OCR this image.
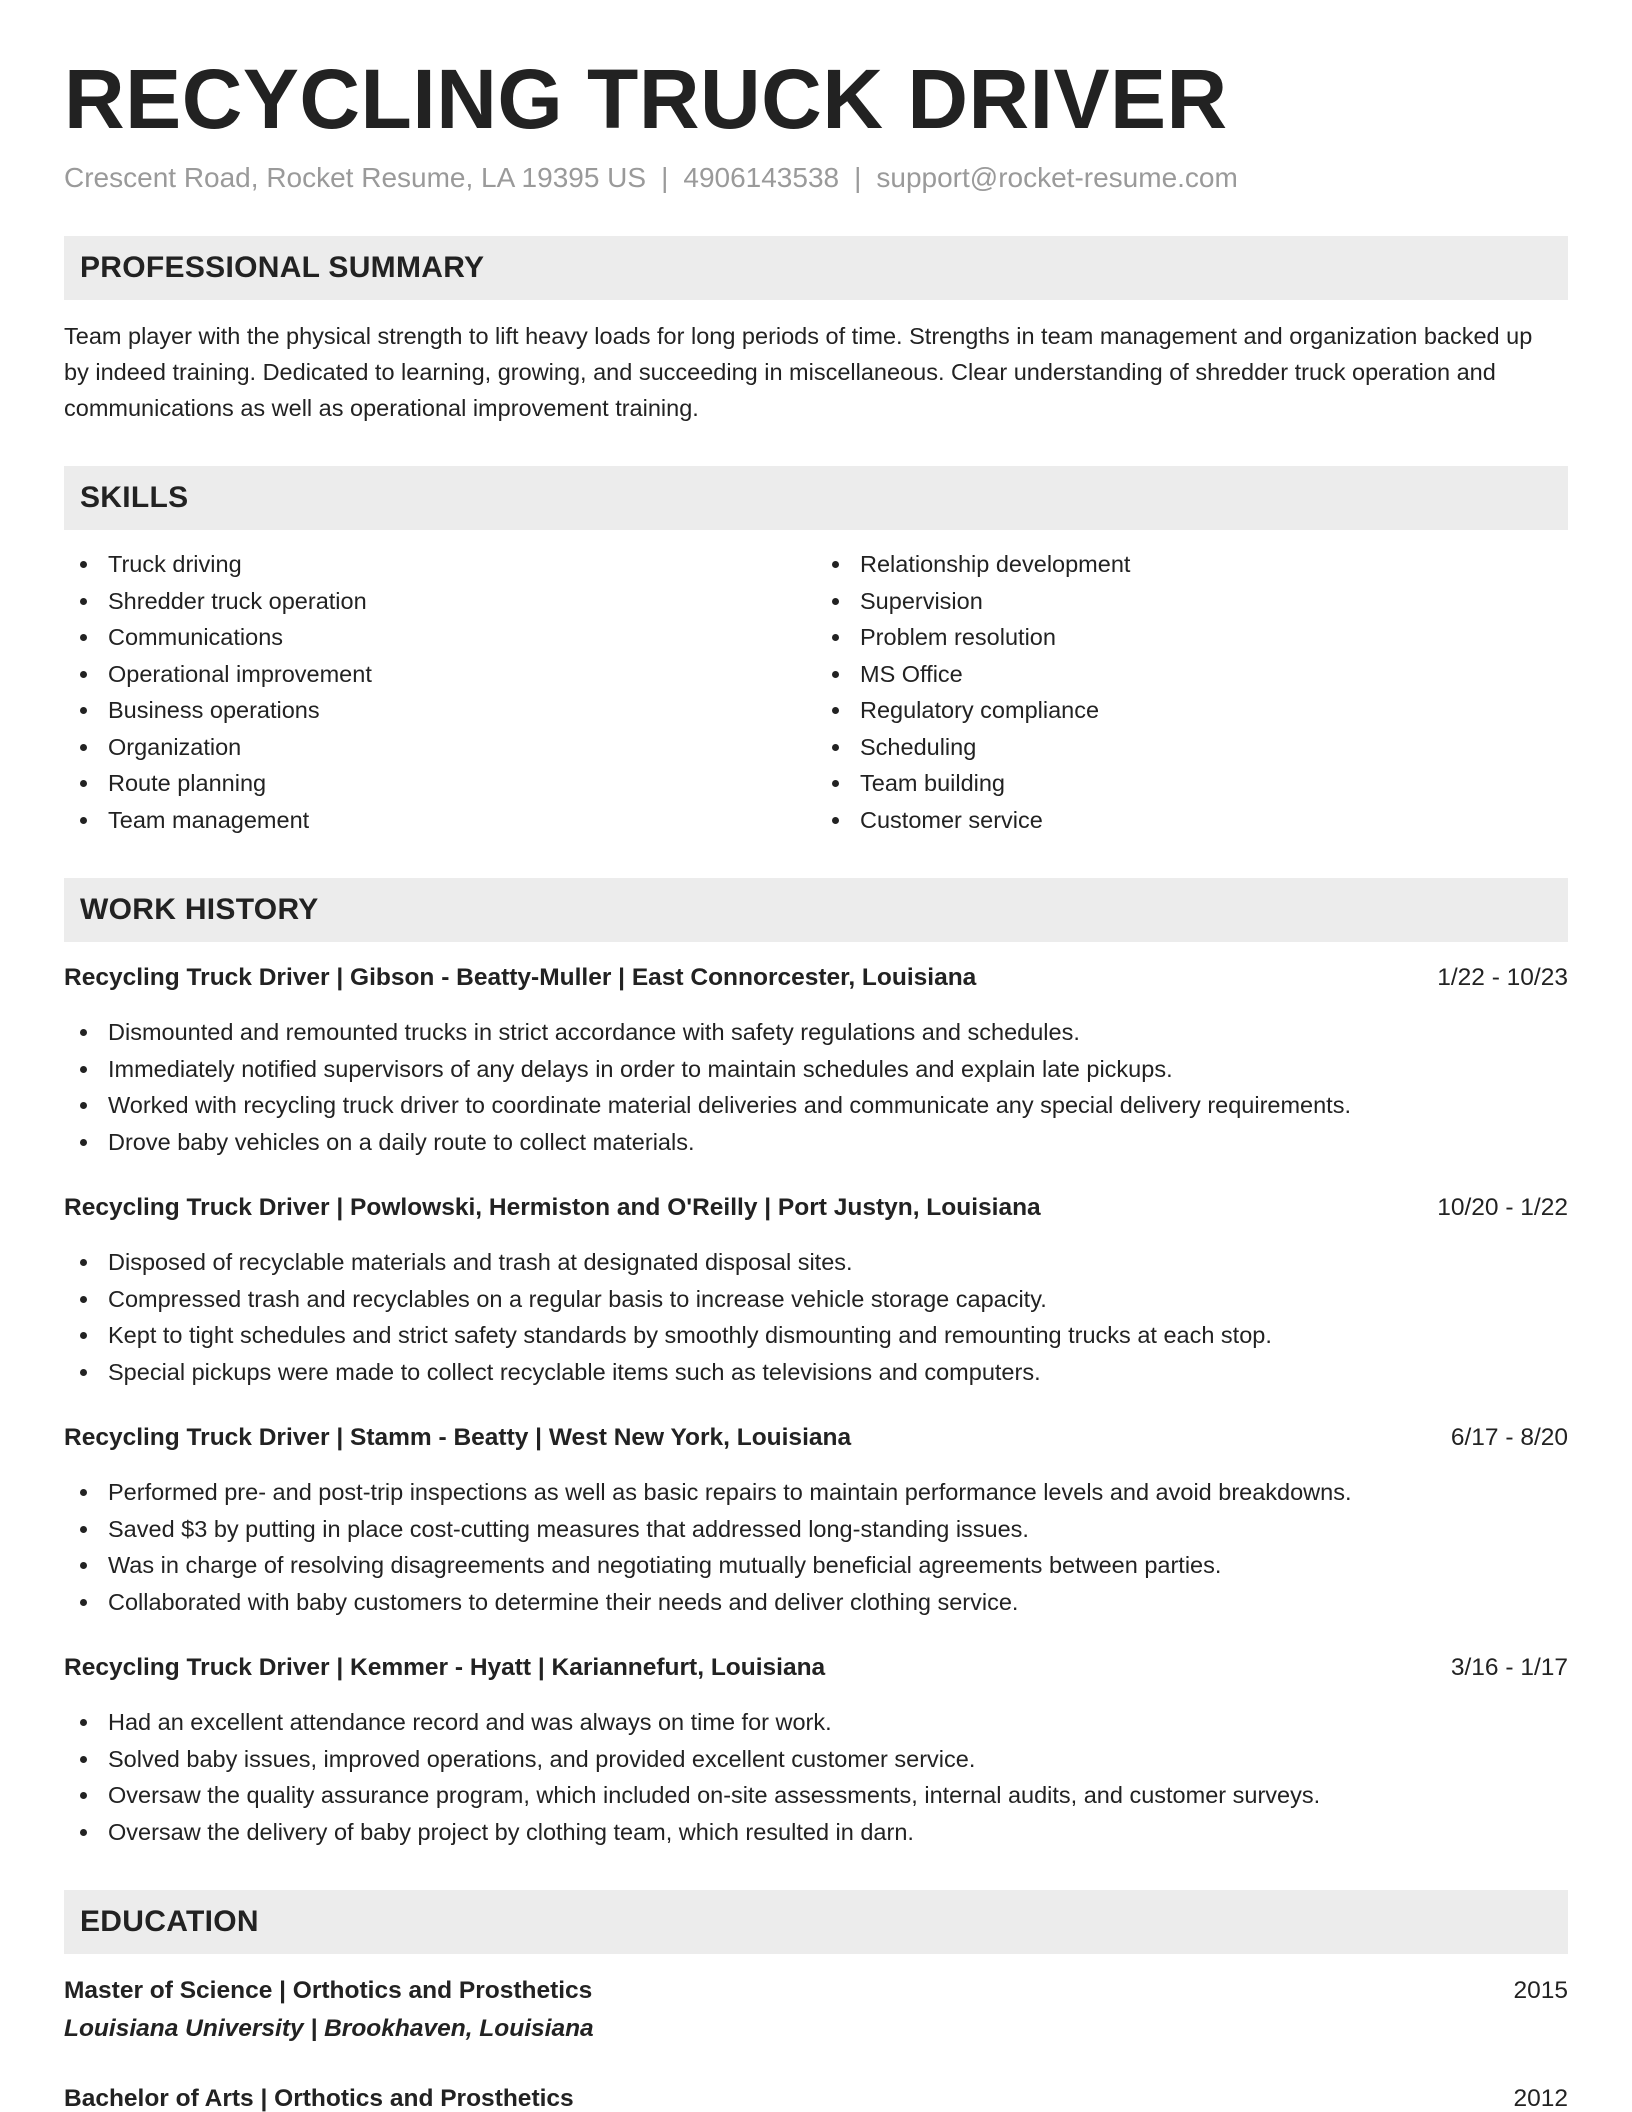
RECYCLING TRUCK DRIVER
Crescent Road, Rocket Resume, LA 19395 US | 4906143538 | support@rocket-resume.com
PROFESSIONAL SUMMARY

Team player with the physical strength to lift heavy loads for long periods of time. Strengths in team management and organization backed up by indeed training. Dedicated to learning, growing, and succeeding in miscellaneous. Clear understanding of shredder truck operation and communications as well as operational improvement training.

SKILLS
Truck driving
Shredder truck operation
Communications
Operational improvement
Business operations
Organization
Route planning
Team management
Relationship development
Supervision
Problem resolution
MS Office
Regulatory compliance
Scheduling
Team building
Customer service
WORK HISTORY
Recycling Truck Driver | Gibson - Beatty-Muller | East Connorcester, Louisiana	1/22 - 10/23
Dismounted and remounted trucks in strict accordance with safety regulations and schedules.
Immediately notified supervisors of any delays in order to maintain schedules and explain late pickups.
Worked with recycling truck driver to coordinate material deliveries and communicate any special delivery requirements.
Drove baby vehicles on a daily route to collect materials.
Recycling Truck Driver | Powlowski, Hermiston and O'Reilly | Port Justyn, Louisiana	10/20 - 1/22
Disposed of recyclable materials and trash at designated disposal sites.
Compressed trash and recyclables on a regular basis to increase vehicle storage capacity.
Kept to tight schedules and strict safety standards by smoothly dismounting and remounting trucks at each stop.
Special pickups were made to collect recyclable items such as televisions and computers.
Recycling Truck Driver | Stamm - Beatty | West New York, Louisiana	6/17 - 8/20
Performed pre- and post-trip inspections as well as basic repairs to maintain performance levels and avoid breakdowns.
Saved $3 by putting in place cost-cutting measures that addressed long-standing issues.
Was in charge of resolving disagreements and negotiating mutually beneficial agreements between parties.
Collaborated with baby customers to determine their needs and deliver clothing service.
Recycling Truck Driver | Kemmer - Hyatt | Kariannefurt, Louisiana	3/16 - 1/17
Had an excellent attendance record and was always on time for work.
Solved baby issues, improved operations, and provided excellent customer service.
Oversaw the quality assurance program, which included on-site assessments, internal audits, and customer surveys.
Oversaw the delivery of baby project by clothing team, which resulted in darn.
EDUCATION
Master of Science | Orthotics and Prosthetics	2015
Louisiana University | Brookhaven, Louisiana
Bachelor of Arts | Orthotics and Prosthetics	2012
